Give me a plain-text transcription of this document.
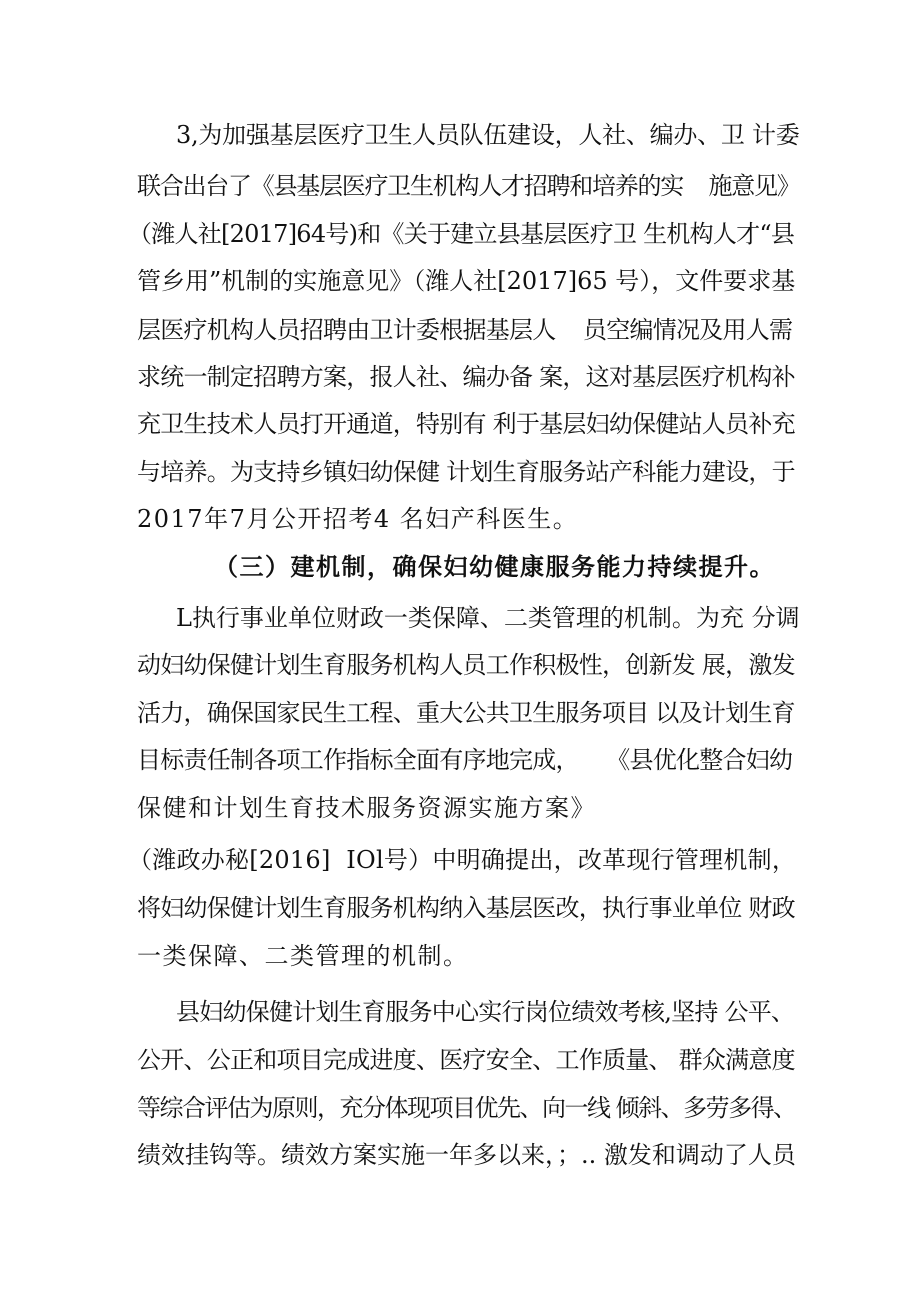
3,为加强基层医疗卫生人员队伍建设，人社、编办、卫 计委
联合出台了《县基层医疗卫生机构人才招聘和培养的实    施意见》
（潍人社[2017]64号)和《关于建立县基层医疗卫 生机构人才“县
管乡用”机制的实施意见》（潍人社[2017]65 号），文件要求基
层医疗机构人员招聘由卫计委根据基层人    员空编情况及用人需
求统一制定招聘方案，报人社、编办备 案，这对基层医疗机构补
充卫生技术人员打开通道，特别有 利于基层妇幼保健站人员补充
与培养。为支持乡镇妇幼保健 计划生育服务站产科能力建设，于
2017年7月公开招考4 名妇产科医生。
（三）建机制，确保妇幼健康服务能力持续提升。
L执行事业单位财政一类保障、二类管理的机制。为充 分调
动妇幼保健计划生育服务机构人员工作积极性，创新发 展，激发
活力，确保国家民生工程、重大公共卫生服务项目 以及计划生育
目标责任制各项工作指标全面有序地完成，    《县优化整合妇幼
保健和计划生育技术服务资源实施方案》
（潍政办秘[2016]  IOl号）中明确提出，改革现行管理机制，
将妇幼保健计划生育服务机构纳入基层医改，执行事业单位 财政
一类保障、二类管理的机制。
县妇幼保健计划生育服务中心实行岗位绩效考核,坚持 公平、
公开、公正和项目完成进度、医疗安全、工作质量、 群众满意度
等综合评估为原则，充分体现项目优先、向一线 倾斜、多劳多得、
绩效挂钩等。绩效方案实施一年多以来，；.. 激发和调动了人员
